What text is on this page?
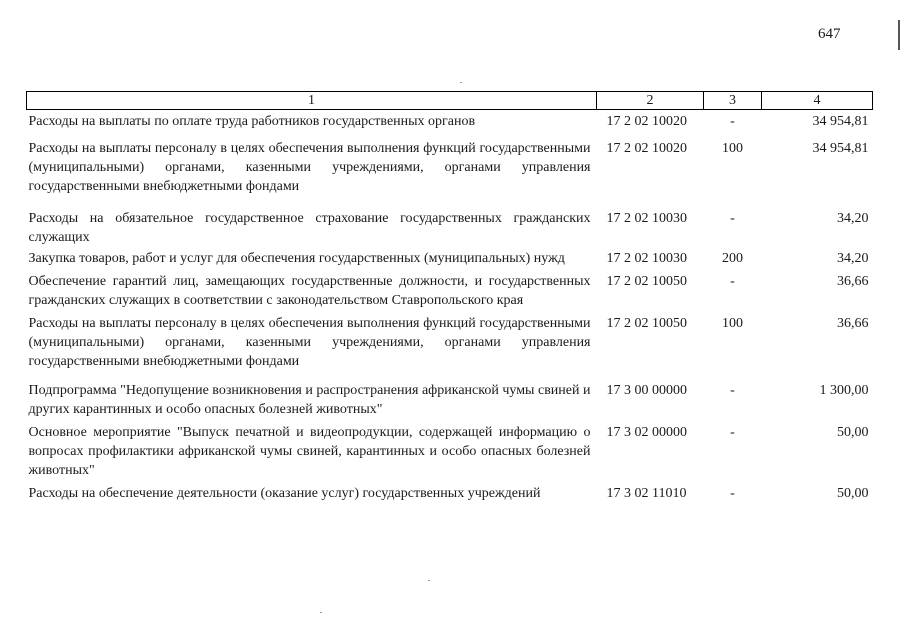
647
1	2	3	4
Расходы на выплаты по оплате труда работников государственных органов	17 2 02 10020	-	34 954,81
Расходы на выплаты персоналу в целях обеспечения выполнения функций государственными (муниципальными) органами, казенными учреждениями, органами управления государственными внебюджетными фондами	17 2 02 10020	100	34 954,81
Расходы на обязательное государственное страхование государственных гражданских служащих	17 2 02 10030	-	34,20
Закупка товаров, работ и услуг для обеспечения государственных (муниципальных) нужд	17 2 02 10030	200	34,20
Обеспечение гарантий лиц, замещающих государственные должности, и государственных гражданских служащих в соответствии с законодательством Ставропольского края	17 2 02 10050	-	36,66
Расходы на выплаты персоналу в целях обеспечения выполнения функций государственными (муниципальными) органами, казенными учреждениями, органами управления государственными внебюджетными фондами	17 2 02 10050	100	36,66
Подпрограмма "Недопущение возникновения и распространения африканской чумы свиней и других карантинных и особо опасных болезней животных"	17 3 00 00000	-	1 300,00
Основное мероприятие "Выпуск печатной и видеопродукции, содержащей информацию о вопросах профилактики африканской чумы свиней, карантинных и особо опасных болезней животных"	17 3 02 00000	-	50,00
Расходы на обеспечение деятельности (оказание услуг) государственных учреждений	17 3 02 11010	-	50,00
